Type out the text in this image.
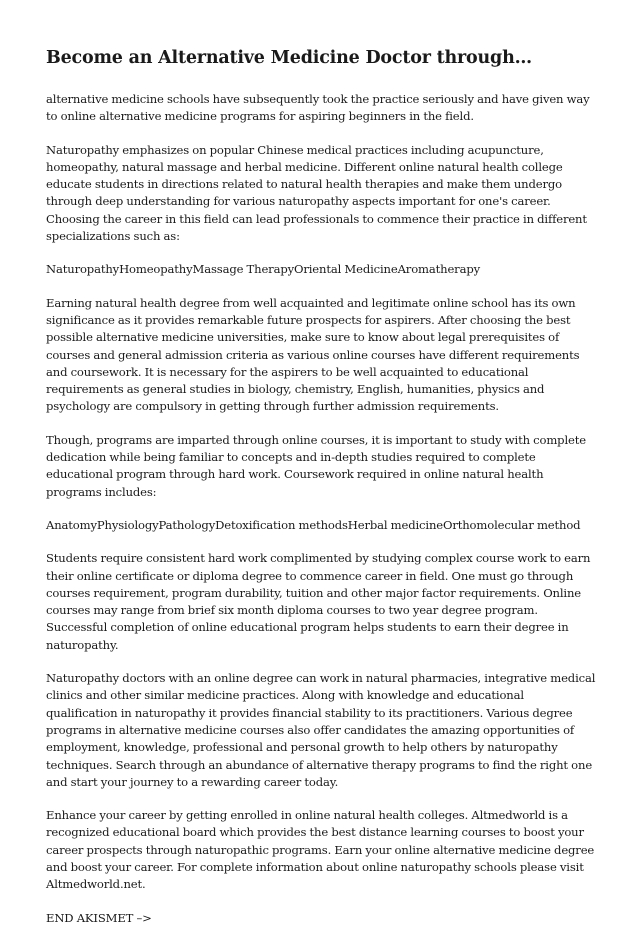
Become an Alternative Medicine Doctor through…

alternative medicine schools have subsequently took the practice seriously and have given way to online alternative medicine programs for aspiring beginners in the field.

Naturopathy emphasizes on popular Chinese medical practices including acupuncture, homeopathy, natural massage and herbal medicine. Different online natural health college educate students in directions related to natural health therapies and make them undergo through deep understanding for various naturopathy aspects important for one's career. Choosing the career in this field can lead professionals to commence their practice in different specializations such as:

NaturopathyHomeopathyMassage TherapyOriental MedicineAromatherapy

Earning natural health degree from well acquainted and legitimate online school has its own significance as it provides remarkable future prospects for aspirers. After choosing the best possible alternative medicine universities, make sure to know about legal prerequisites of courses and general admission criteria as various online courses have different requirements and coursework. It is necessary for the aspirers to be well acquainted to educational requirements as general studies in biology, chemistry, English, humanities, physics and psychology are compulsory in getting through further admission requirements.

Though, programs are imparted through online courses, it is important to study with complete dedication while being familiar to concepts and in-depth studies required to complete educational program through hard work. Coursework required in online natural health programs includes:

AnatomyPhysiologyPathologyDetoxification methodsHerbal medicineOrthomolecular method

Students require consistent hard work complimented by studying complex course work to earn their online certificate or diploma degree to commence career in field. One must go through courses requirement, program durability, tuition and other major factor requirements. Online courses may range from brief six month diploma courses to two year degree program. Successful completion of online educational program helps students to earn their degree in naturopathy.

Naturopathy doctors with an online degree can work in natural pharmacies, integrative medical clinics and other similar medicine practices. Along with knowledge and educational qualification in naturopathy it provides financial stability to its practitioners. Various degree programs in alternative medicine courses also offer candidates the amazing opportunities of employment, knowledge, professional and personal growth to help others by naturopathy techniques. Search through an abundance of alternative therapy programs to find the right one and start your journey to a rewarding career today.

Enhance your career by getting enrolled in online natural health colleges. Altmedworld is a recognized educational board which provides the best distance learning courses to boost your career prospects through naturopathic programs. Earn your online alternative medicine degree and boost your career. For complete information about online naturopathy schools please visit Altmedworld.net.

END AKISMET –>
